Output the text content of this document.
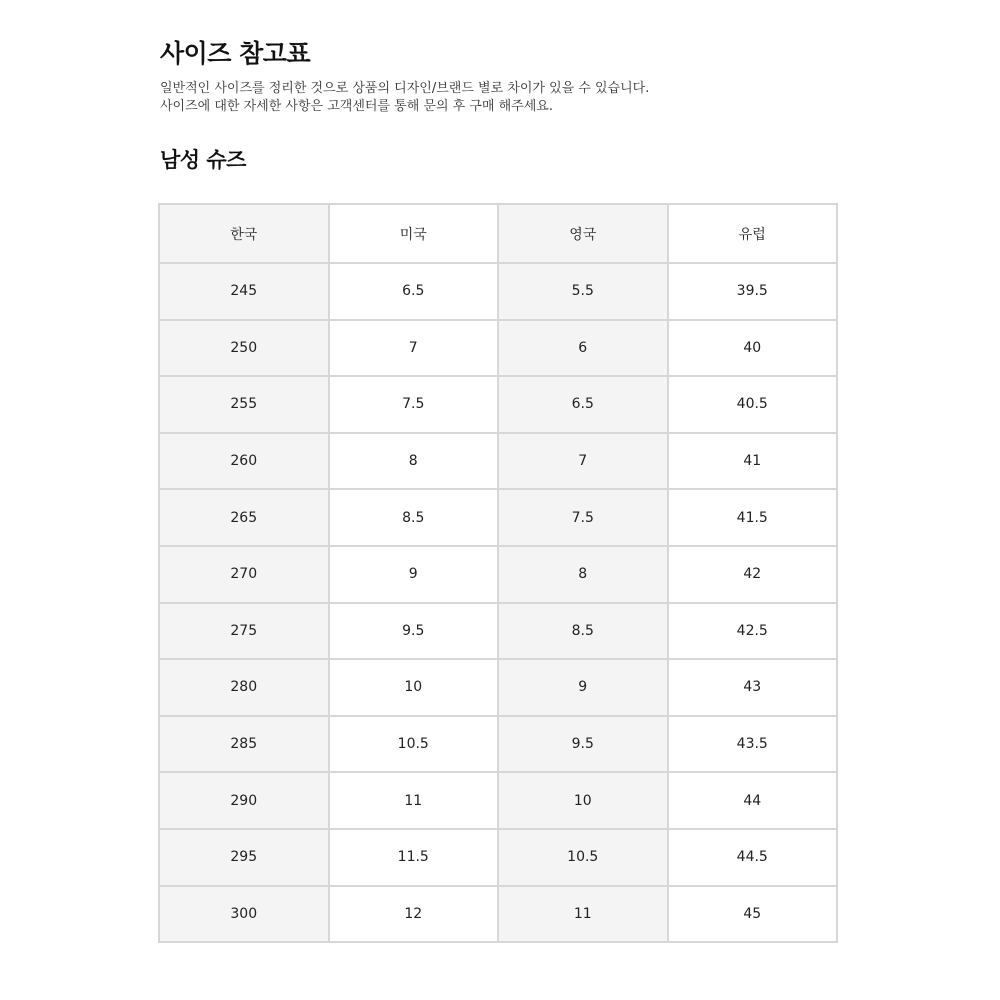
사이즈 참고표

일반적인 사이즈를 정리한 것으로 상품의 디자인/브랜드 별로 차이가 있을 수 있습니다.

사이즈에 대한 자세한 사항은 고객센터를 통해 문의 후 구매 해주세요.

남성 슈즈
한국	미국	영국	유럽
245	6.5	5.5	39.5
250	7	6	40
255	7.5	6.5	40.5
260	8	7	41
265	8.5	7.5	41.5
270	9	8	42
275	9.5	8.5	42.5
280	10	9	43
285	10.5	9.5	43.5
290	11	10	44
295	11.5	10.5	44.5
300	12	11	45
